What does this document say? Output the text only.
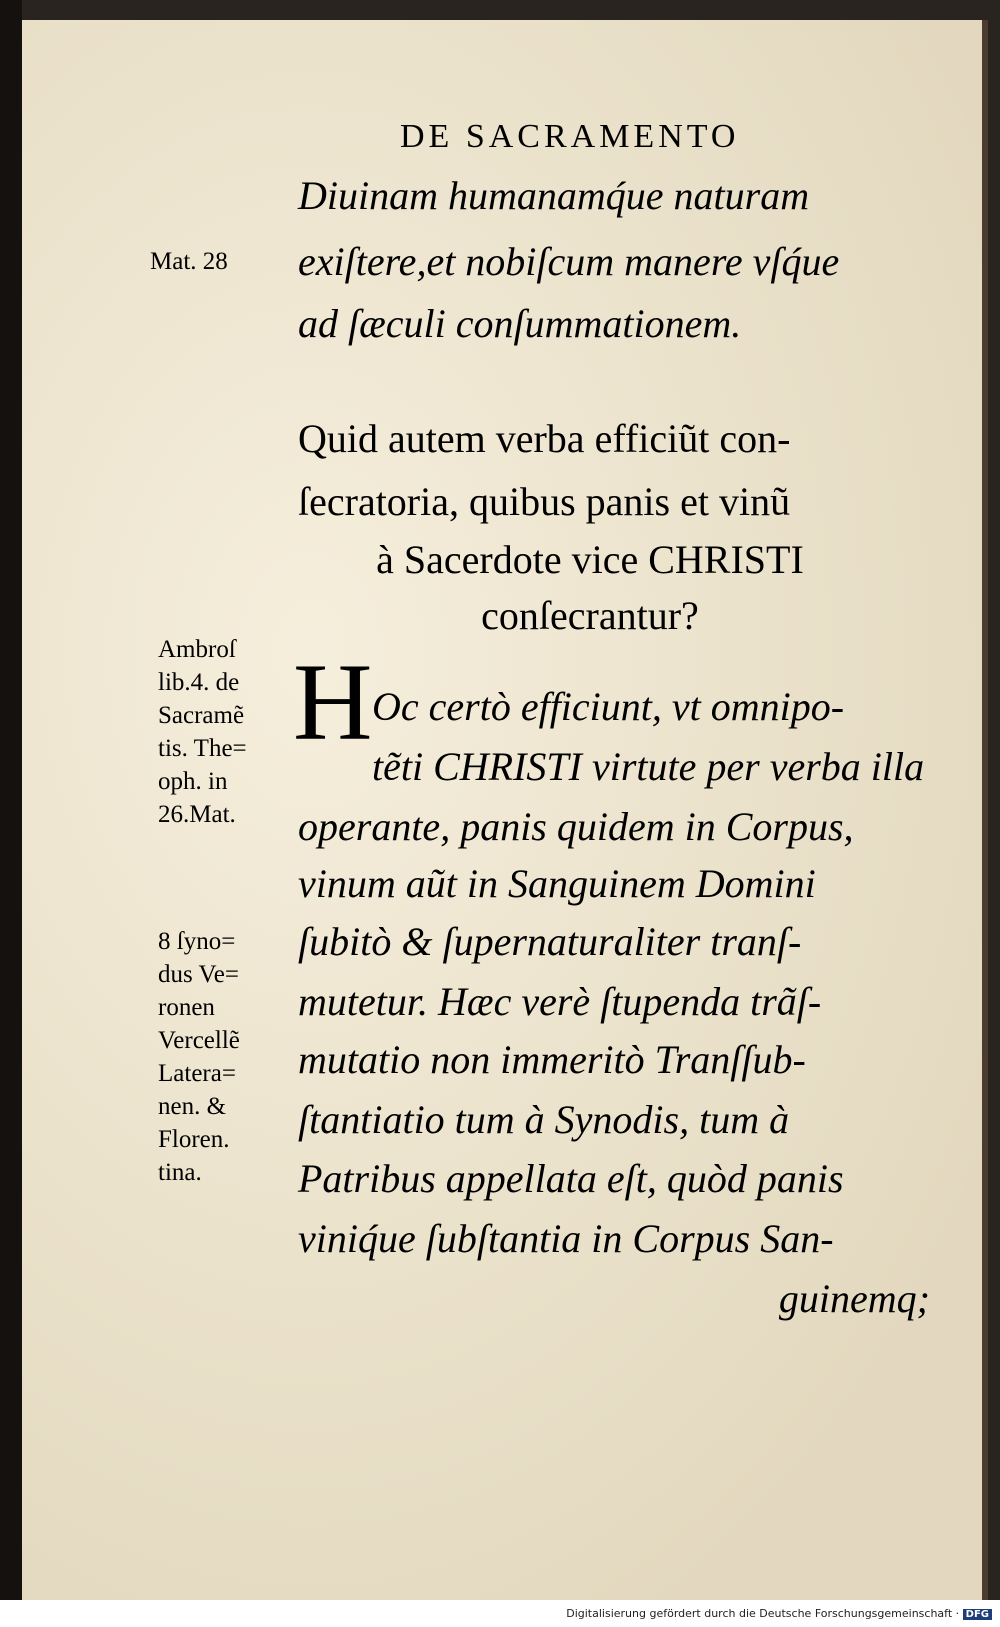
DE SACRAMENTO
Diuinam humanamq́ue naturam
exiſtere,et nobiſcum manere vſq́ue
ad ſæculi conſummationem.
Mat. 28
Quid autem verba efficiũt con-
ſecratoria, quibus panis et vinũ
à Sacerdote vice CHRISTI
conſecrantur?
H Oc certò efficiunt, vt omnipo-
tẽti CHRISTI virtute per verba illa
operante, panis quidem in Corpus,
vinum aũt in Sanguinem Domini
ſubitò & ſupernaturaliter tranſ-
mutetur. Hæc verè ſtupenda trãſ-
mutatio non immeritò Tranſſub-
ſtantiatio tum à Synodis, tum à
Patribus appellata eſt, quòd panis
viniq́ue ſubſtantia in Corpus San-
guinemq;
Ambroſ
lib.4. de
Sacramẽ
tis. The=
oph. in
26.Mat.
8 ſyno=
dus Ve=
ronen
Vercellẽ
Latera=
nen. &
Floren.
tina.
Digitalisierung gefördert durch die Deutsche Forschungsgemeinschaft · DFG
